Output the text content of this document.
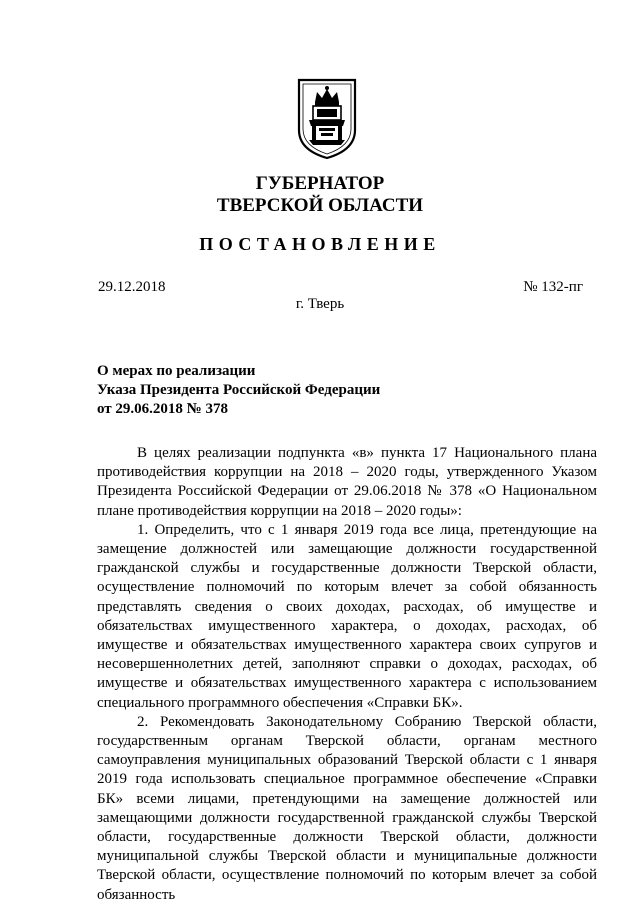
ГУБЕРНАТОР
ТВЕРСКОЙ ОБЛАСТИ
ПОСТАНОВЛЕНИЕ
29.12.2018	№ 132-пг
г. Тверь
О мерах по реализации
Указа Президента Российской Федерации
от 29.06.2018 № 378

В целях реализации подпункта «в» пункта 17 Национального плана противодействия коррупции на 2018 – 2020 годы, утвержденного Указом Президента Российской Федерации от 29.06.2018 № 378 «О Национальном плане противодействия коррупции на 2018 – 2020 годы»:

1. Определить, что с 1 января 2019 года все лица, претендующие на замещение должностей или замещающие должности государственной гражданской службы и государственные должности Тверской области, осуществление полномочий по которым влечет за собой обязанность представлять сведения о своих доходах, расходах, об имуществе и обязательствах имущественного характера, о доходах, расходах, об имуществе и обязательствах имущественного характера своих супругов и несовершеннолетних детей, заполняют справки о доходах, расходах, об имуществе и обязательствах имущественного характера с использованием специального программного обеспечения «Справки БК».

2. Рекомендовать Законодательному Собранию Тверской области, государственным органам Тверской области, органам местного самоуправления муниципальных образований Тверской области с 1 января 2019 года использовать специальное программное обеспечение «Справки БК» всеми лицами, претендующими на замещение должностей или замещающими должности государственной гражданской службы Тверской области, государственные должности Тверской области, должности муниципальной службы Тверской области и муниципальные должности Тверской области, осуществление полномочий по которым влечет за собой обязанность
